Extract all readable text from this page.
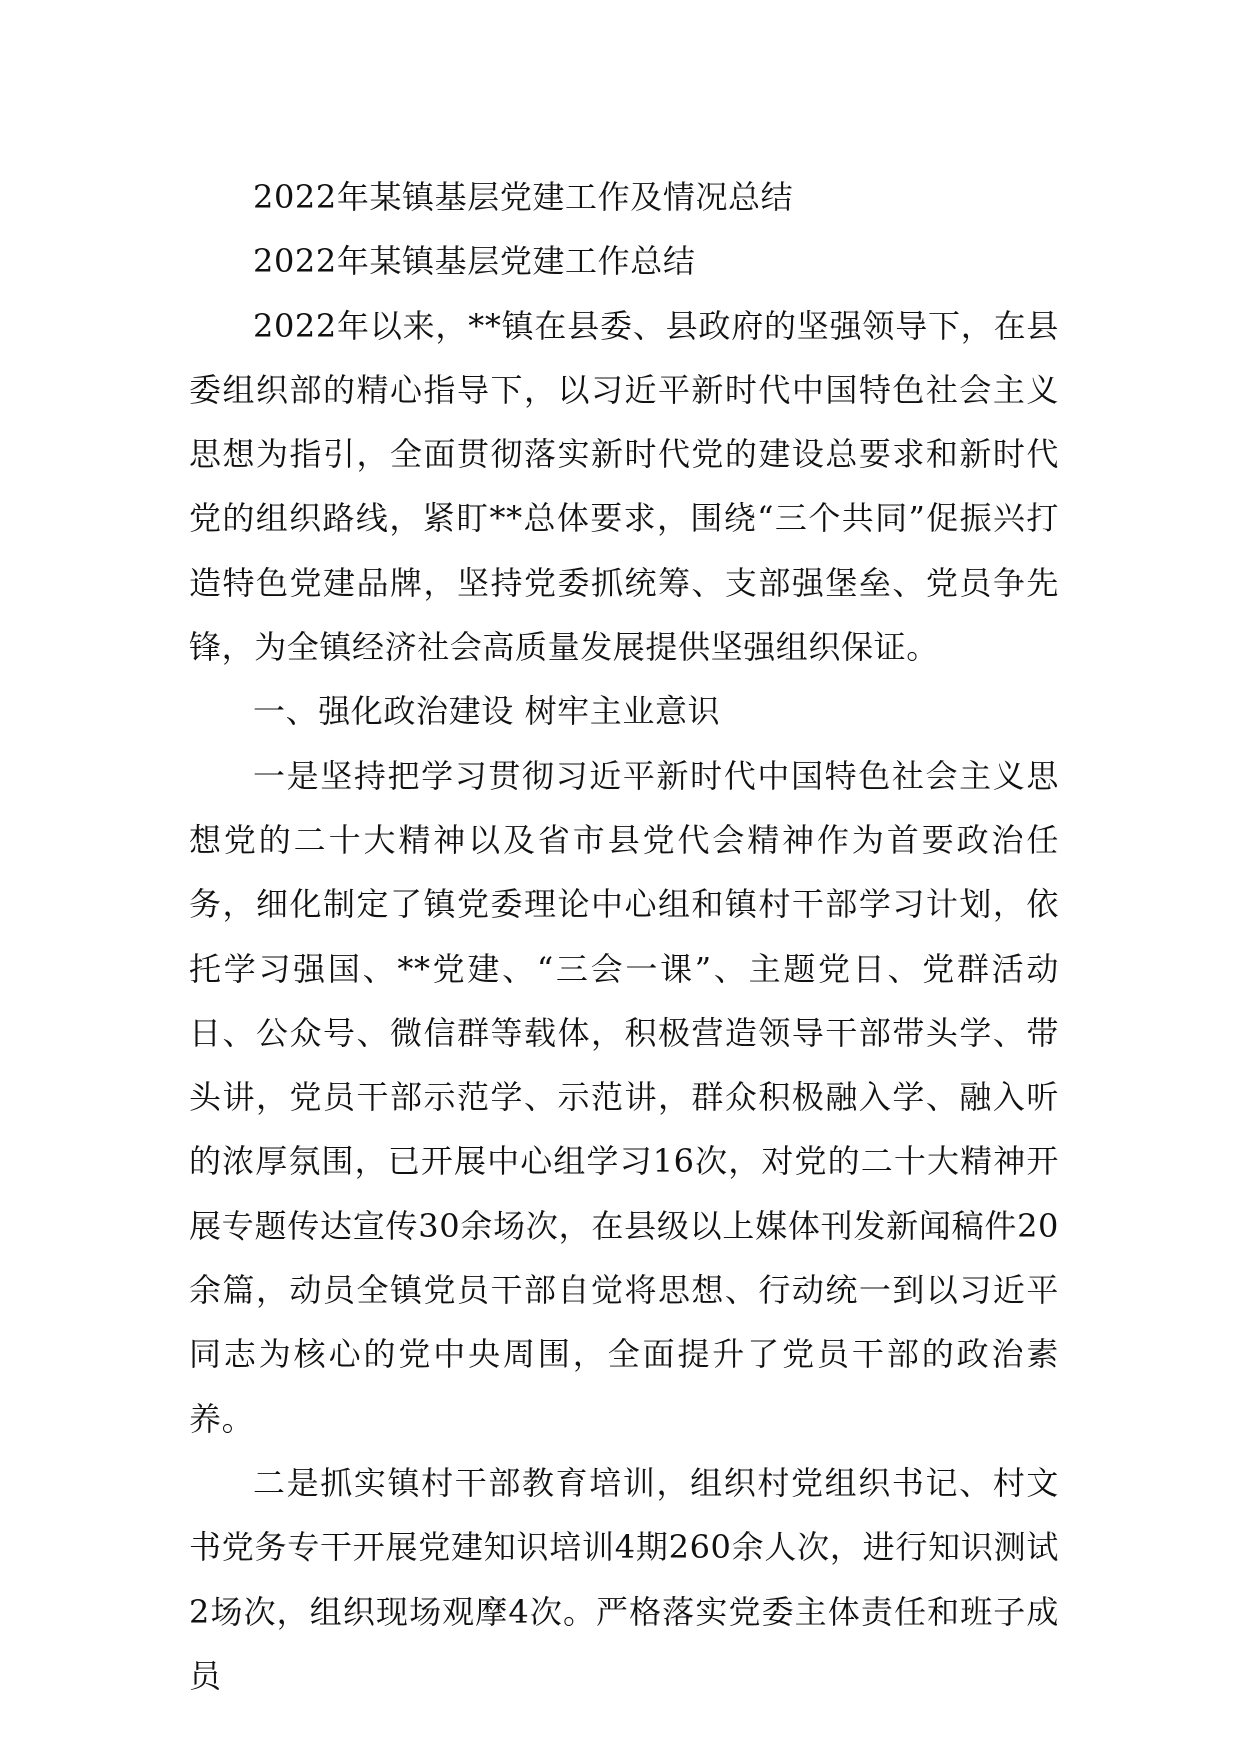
2022年某镇基层党建工作及情况总结

2022年某镇基层党建工作总结

2022年以来，**镇在县委、县政府的坚强领导下，在县委组织部的精心指导下，以习近平新时代中国特色社会主义思想为指引，全面贯彻落实新时代党的建设总要求和新时代党的组织路线，紧盯**总体要求，围绕“三个共同”促振兴打造特色党建品牌，坚持党委抓统筹、支部强堡垒、党员争先锋，为全镇经济社会高质量发展提供坚强组织保证。

一、强化政治建设 树牢主业意识

一是坚持把学习贯彻习近平新时代中国特色社会主义思想党的二十大精神以及省市县党代会精神作为首要政治任务，细化制定了镇党委理论中心组和镇村干部学习计划，依托学习强国、**党建、“三会一课”、主题党日、党群活动日、公众号、微信群等载体，积极营造领导干部带头学、带头讲，党员干部示范学、示范讲，群众积极融入学、融入听的浓厚氛围，已开展中心组学习16次，对党的二十大精神开展专题传达宣传30余场次，在县级以上媒体刊发新闻稿件20余篇，动员全镇党员干部自觉将思想、行动统一到以习近平同志为核心的党中央周围，全面提升了党员干部的政治素养。

二是抓实镇村干部教育培训，组织村党组织书记、村文书党务专干开展党建知识培训4期260余人次，进行知识测试2场次，组织现场观摩4次。严格落实党委主体责任和班子成员
